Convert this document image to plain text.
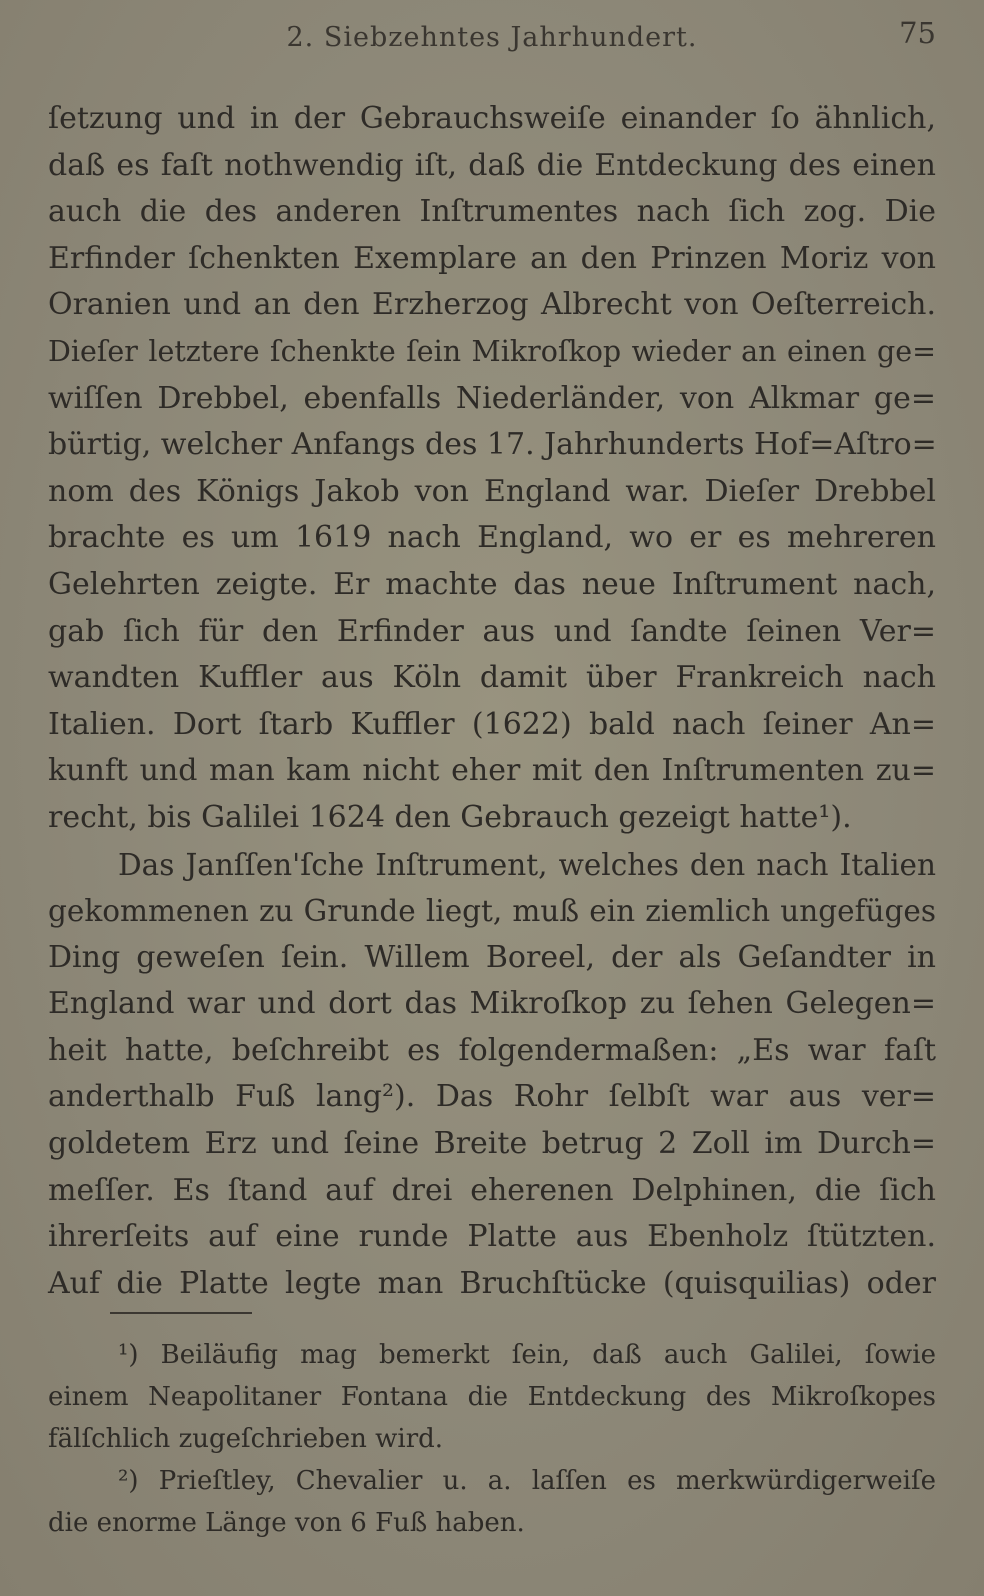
2. Siebzehntes Jahrhundert.	75
ſetzung und in der Gebrauchsweiſe einander ſo ähnlich,
daß es faſt nothwendig iſt, daß die Entdeckung des einen
auch die des anderen Inſtrumentes nach ſich zog. Die
Erfinder ſchenkten Exemplare an den Prinzen Moriz von
Oranien und an den Erzherzog Albrecht von Oeſterreich.
Dieſer letztere ſchenkte ſein Mikroſkop wieder an einen ge=
wiſſen Drebbel, ebenfalls Niederländer, von Alkmar ge=
bürtig, welcher Anfangs des 17. Jahrhunderts Hof=Aſtro=
nom des Königs Jakob von England war. Dieſer Drebbel
brachte es um 1619 nach England, wo er es mehreren
Gelehrten zeigte. Er machte das neue Inſtrument nach,
gab ſich für den Erfinder aus und ſandte ſeinen Ver=
wandten Kuffler aus Köln damit über Frankreich nach
Italien. Dort ſtarb Kuffler (1622) bald nach ſeiner An=
kunft und man kam nicht eher mit den Inſtrumenten zu=
recht, bis Galilei 1624 den Gebrauch gezeigt hatte¹).
Das Janſſen'ſche Inſtrument, welches den nach Italien
gekommenen zu Grunde liegt, muß ein ziemlich ungefüges
Ding geweſen ſein. Willem Boreel, der als Geſandter in
England war und dort das Mikroſkop zu ſehen Gelegen=
heit hatte, beſchreibt es folgendermaßen: „Es war faſt
anderthalb Fuß lang²). Das Rohr ſelbſt war aus ver=
goldetem Erz und ſeine Breite betrug 2 Zoll im Durch=
meſſer. Es ſtand auf drei eherenen Delphinen, die ſich
ihrerſeits auf eine runde Platte aus Ebenholz ſtützten.
Auf die Platte legte man Bruchſtücke (quisquilias) oder
¹) Beiläufig mag bemerkt ſein, daß auch Galilei, ſowie
einem Neapolitaner Fontana die Entdeckung des Mikroſkopes
fälſchlich zugeſchrieben wird.
²) Prieſtley, Chevalier u. a. laſſen es merkwürdigerweiſe
die enorme Länge von 6 Fuß haben.
